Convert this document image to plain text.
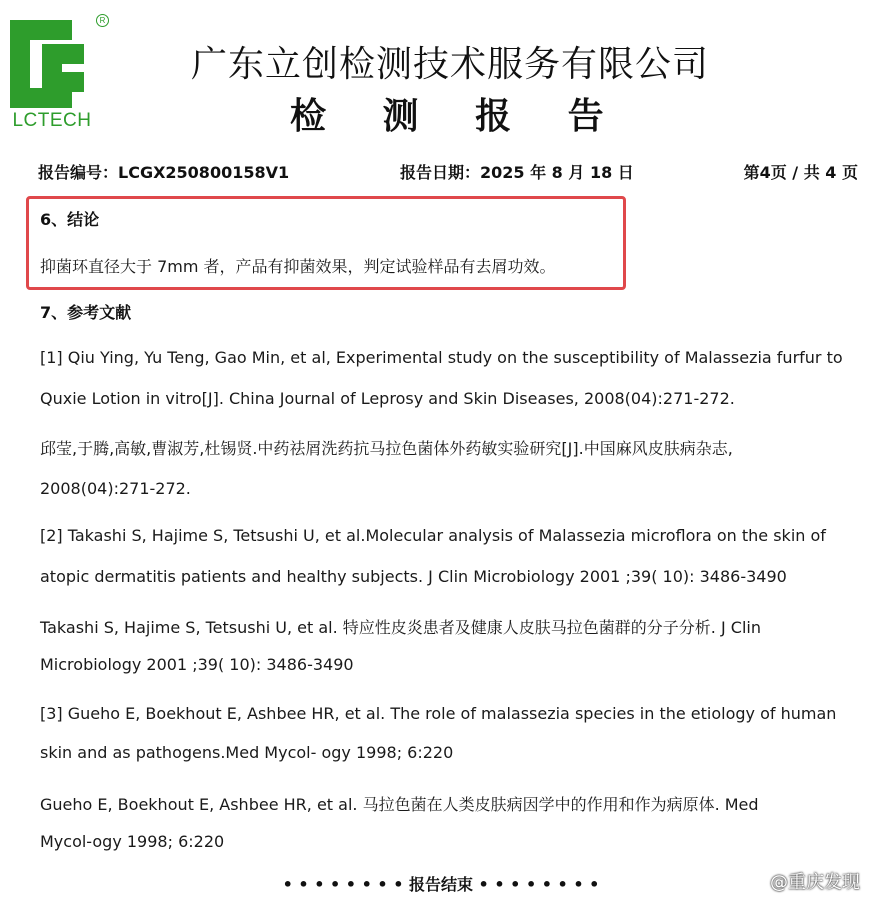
LCTECH
R
广东立创检测技术服务有限公司
检 测 报 告
报告编号：LCGX250800158V1	报告日期：2025 年 8 月 18 日	第4页 / 共 4 页
6、结论
抑菌环直径大于 7mm 者，产品有抑菌效果，判定试验样品有去屑功效。
7、参考文献
[1] Qiu Ying, Yu Teng, Gao Min, et al, Experimental study on the susceptibility of Malassezia furfur to
Quxie Lotion in vitro[J]. China Journal of Leprosy and Skin Diseases, 2008(04):271-272.
邱莹,于腾,高敏,曹淑芳,杜锡贤.中药祛屑洗药抗马拉色菌体外药敏实验研究[J].中国麻风皮肤病杂志,
2008(04):271-272.
[2] Takashi S, Hajime S, Tetsushi U, et al.Molecular analysis of Malassezia microflora on the skin of
atopic dermatitis patients and healthy subjects. J Clin Microbiology 2001 ;39( 10): 3486-3490
Takashi S, Hajime S, Tetsushi U, et al. 特应性皮炎患者及健康人皮肤马拉色菌群的分子分析. J Clin
Microbiology 2001 ;39( 10): 3486-3490
[3] Gueho E, Boekhout E, Ashbee HR, et al. The role of malassezia species in the etiology of human
skin and as pathogens.Med Mycol- ogy 1998; 6:220
Gueho E, Boekhout E, Ashbee HR, et al. 马拉色菌在人类皮肤病因学中的作用和作为病原体. Med
Mycol-ogy 1998; 6:220
• • • • • • • • 报告结束 • • • • • • • •	@重庆发现
